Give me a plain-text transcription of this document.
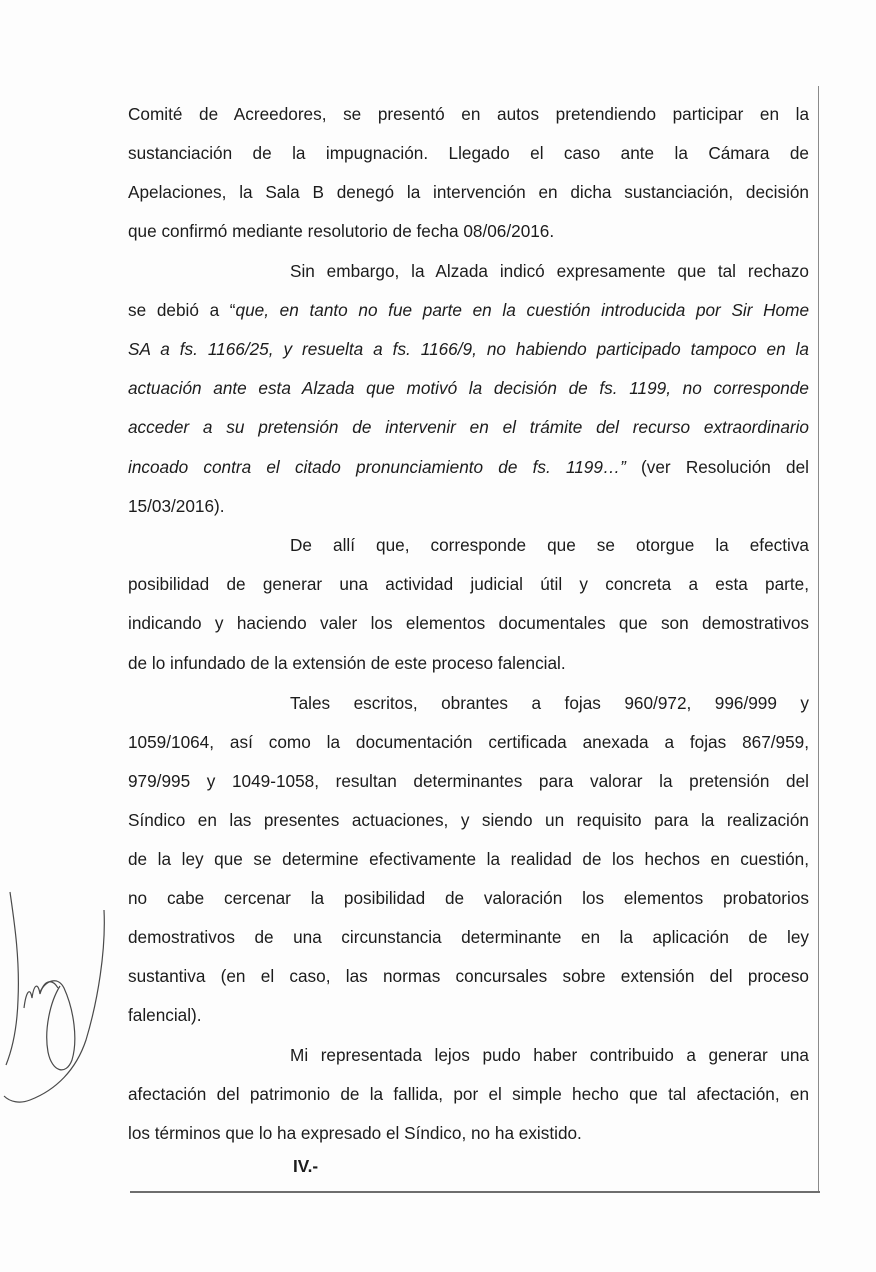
Comité de Acreedores, se presentó en autos pretendiendo participar en la
sustanciación de la impugnación. Llegado el caso ante la Cámara de
Apelaciones, la Sala B denegó la intervención en dicha sustanciación, decisión
que confirmó mediante resolutorio de fecha 08/06/2016.
Sin embargo, la Alzada indicó expresamente que tal rechazo
se debió a “que, en tanto no fue parte en la cuestión introducida por Sir Home
SA a fs. 1166/25, y resuelta a fs. 1166/9, no habiendo participado tampoco en la
actuación ante esta Alzada que motivó la decisión de fs. 1199, no corresponde
acceder a su pretensión de intervenir en el trámite del recurso extraordinario
incoado contra el citado pronunciamiento de fs. 1199…” (ver Resolución del
15/03/2016).
De allí que, corresponde que se otorgue la efectiva
posibilidad de generar una actividad judicial útil y concreta a esta parte,
indicando y haciendo valer los elementos documentales que son demostrativos
de lo infundado de la extensión de este proceso falencial.
Tales escritos, obrantes a fojas 960/972, 996/999 y
1059/1064, así como la documentación certificada anexada a fojas 867/959,
979/995 y 1049-1058, resultan determinantes para valorar la pretensión del
Síndico en las presentes actuaciones, y siendo un requisito para la realización
de la ley que se determine efectivamente la realidad de los hechos en cuestión,
no cabe cercenar la posibilidad de valoración los elementos probatorios
demostrativos de una circunstancia determinante en la aplicación de ley
sustantiva (en el caso, las normas concursales sobre extensión del proceso
falencial).
Mi representada lejos pudo haber contribuido a generar una
afectación del patrimonio de la fallida, por el simple hecho que tal afectación, en
los términos que lo ha expresado el Síndico, no ha existido.
IV.-
